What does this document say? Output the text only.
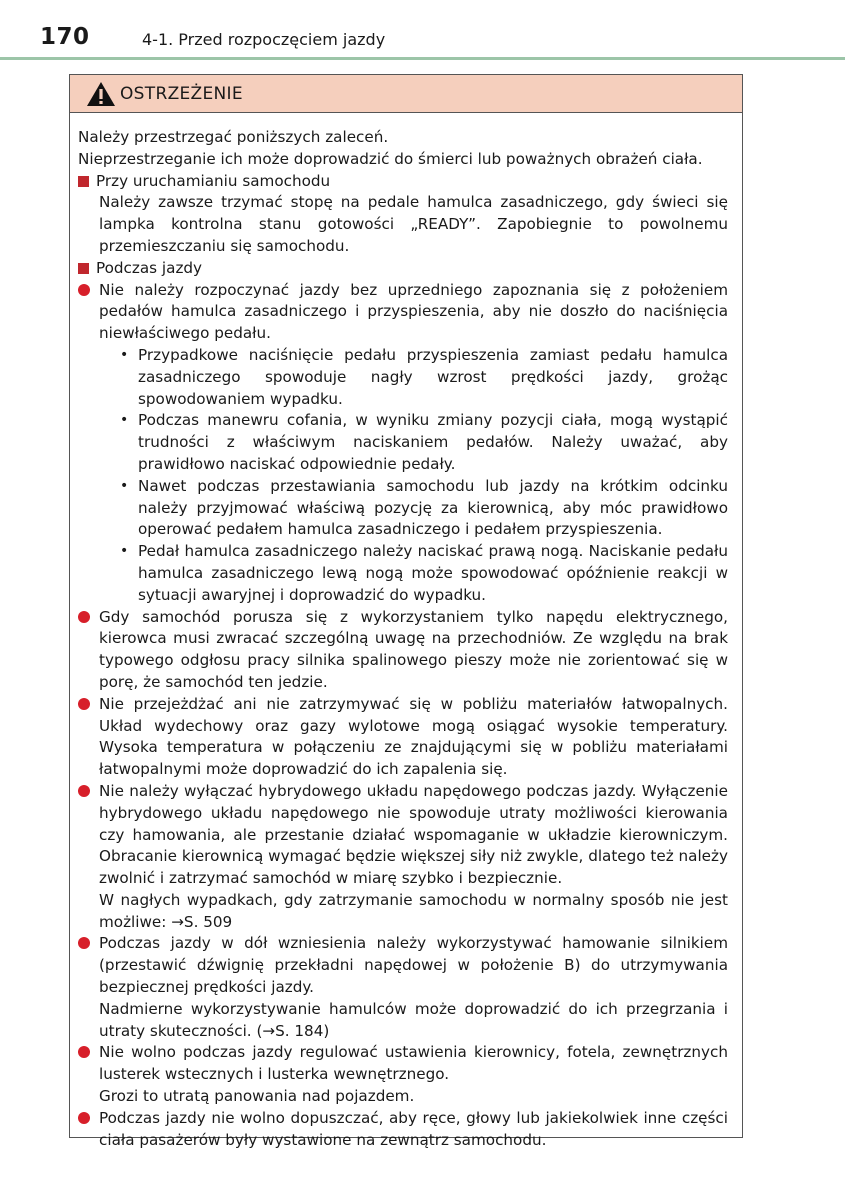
170	4-1. Przed rozpoczęciem jazdy
OSTRZEŻENIE

Należy przestrzegać poniższych zaleceń.

Nieprzestrzeganie ich może doprowadzić do śmierci lub poważnych obrażeń ciała.

Przy uruchamianiu samochodu

Należy zawsze trzymać stopę na pedale hamulca zasadniczego, gdy świeci się lampka kontrolna stanu gotowości „READY”. Zapobiegnie to powolnemu przemieszczaniu się samochodu.

Podczas jazdy
Nie należy rozpoczynać jazdy bez uprzedniego zapoznania się z położeniem pedałów hamulca zasadniczego i przyspieszenia, aby nie doszło do naciśnięcia niewłaściwego pedału.
• Przypadkowe naciśnięcie pedału przyspieszenia zamiast pedału hamulca zasadniczego spowoduje nagły wzrost prędkości jazdy, grożąc spowodowaniem wypadku.
• Podczas manewru cofania, w wyniku zmiany pozycji ciała, mogą wystąpić trudności z właściwym naciskaniem pedałów. Należy uważać, aby prawidłowo naciskać odpowiednie pedały.
• Nawet podczas przestawiania samochodu lub jazdy na krótkim odcinku należy przyjmować właściwą pozycję za kierownicą, aby móc prawidłowo operować pedałem hamulca zasadniczego i pedałem przyspieszenia.
• Pedał hamulca zasadniczego należy naciskać prawą nogą. Naciskanie pedału hamulca zasadniczego lewą nogą może spowodować opóźnienie reakcji w sytuacji awaryjnej i doprowadzić do wypadku.
Gdy samochód porusza się z wykorzystaniem tylko napędu elektrycznego, kierowca musi zwracać szczególną uwagę na przechodniów. Ze względu na brak typowego odgłosu pracy silnika spalinowego pieszy może nie zorientować się w porę, że samochód ten jedzie.
Nie przejeżdżać ani nie zatrzymywać się w pobliżu materiałów łatwopalnych. Układ wydechowy oraz gazy wylotowe mogą osiągać wysokie temperatury. Wysoka temperatura w połączeniu ze znajdującymi się w pobliżu materiałami łatwopalnymi może doprowadzić do ich zapalenia się.
Nie należy wyłączać hybrydowego układu napędowego podczas jazdy. Wyłączenie hybrydowego układu napędowego nie spowoduje utraty możliwości kierowania czy hamowania, ale przestanie działać wspomaganie w układzie kierowniczym. Obracanie kierownicą wymagać będzie większej siły niż zwykle, dlatego też należy zwolnić i zatrzymać samochód w miarę szybko i bezpiecznie.
W nagłych wypadkach, gdy zatrzymanie samochodu w normalny sposób nie jest możliwe: →S. 509
Podczas jazdy w dół wzniesienia należy wykorzystywać hamowanie silnikiem (przestawić dźwignię przekładni napędowej w położenie B) do utrzymywania bezpiecznej prędkości jazdy.
Nadmierne wykorzystywanie hamulców może doprowadzić do ich przegrzania i utraty skuteczności. (→S. 184)
Nie wolno podczas jazdy regulować ustawienia kierownicy, fotela, zewnętrznych lusterek wstecznych i lusterka wewnętrznego.
Grozi to utratą panowania nad pojazdem.
Podczas jazdy nie wolno dopuszczać, aby ręce, głowy lub jakiekolwiek inne części ciała pasażerów były wystawione na zewnątrz samochodu.
